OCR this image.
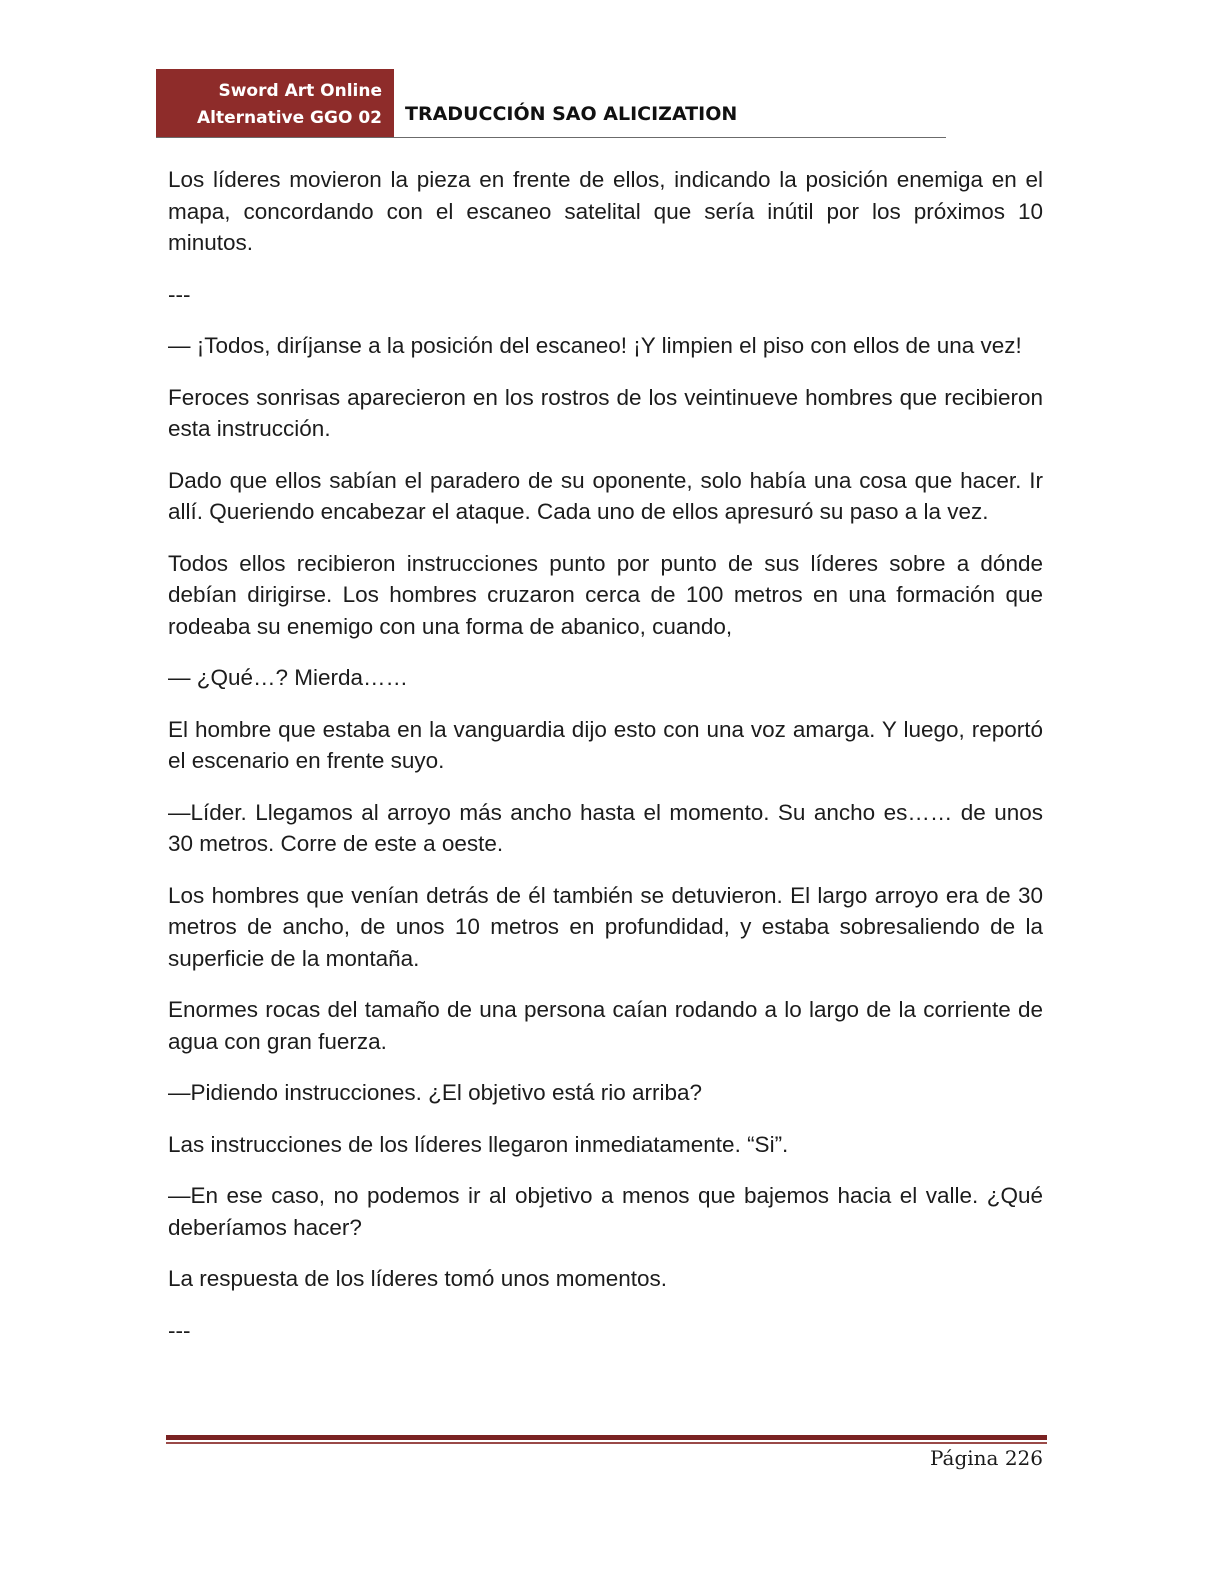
Sword Art Online
Alternative GGO 02 TRADUCCIÓN SAO ALICIZATION

Los líderes movieron la pieza en frente de ellos, indicando la posición enemiga en el mapa, concordando con el escaneo satelital que sería inútil por los próximos 10 minutos.

---

— ¡Todos, diríjanse a la posición del escaneo! ¡Y limpien el piso con ellos de una vez!

Feroces sonrisas aparecieron en los rostros de los veintinueve hombres que recibieron esta instrucción.

Dado que ellos sabían el paradero de su oponente, solo había una cosa que hacer. Ir allí. Queriendo encabezar el ataque. Cada uno de ellos apresuró su paso a la vez.

Todos ellos recibieron instrucciones punto por punto de sus líderes sobre a dónde debían dirigirse. Los hombres cruzaron cerca de 100 metros en una formación que rodeaba su enemigo con una forma de abanico, cuando,

— ¿Qué…? Mierda……

El hombre que estaba en la vanguardia dijo esto con una voz amarga. Y luego, reportó el escenario en frente suyo.

—Líder. Llegamos al arroyo más ancho hasta el momento. Su ancho es…… de unos 30 metros. Corre de este a oeste.

Los hombres que venían detrás de él también se detuvieron. El largo arroyo era de 30 metros de ancho, de unos 10 metros en profundidad, y estaba sobresaliendo de la superficie de la montaña.

Enormes rocas del tamaño de una persona caían rodando a lo largo de la corriente de agua con gran fuerza.

—Pidiendo instrucciones. ¿El objetivo está rio arriba?

Las instrucciones de los líderes llegaron inmediatamente. “Si”.

—En ese caso, no podemos ir al objetivo a menos que bajemos hacia el valle. ¿Qué deberíamos hacer?

La respuesta de los líderes tomó unos momentos.

---

Página 226
